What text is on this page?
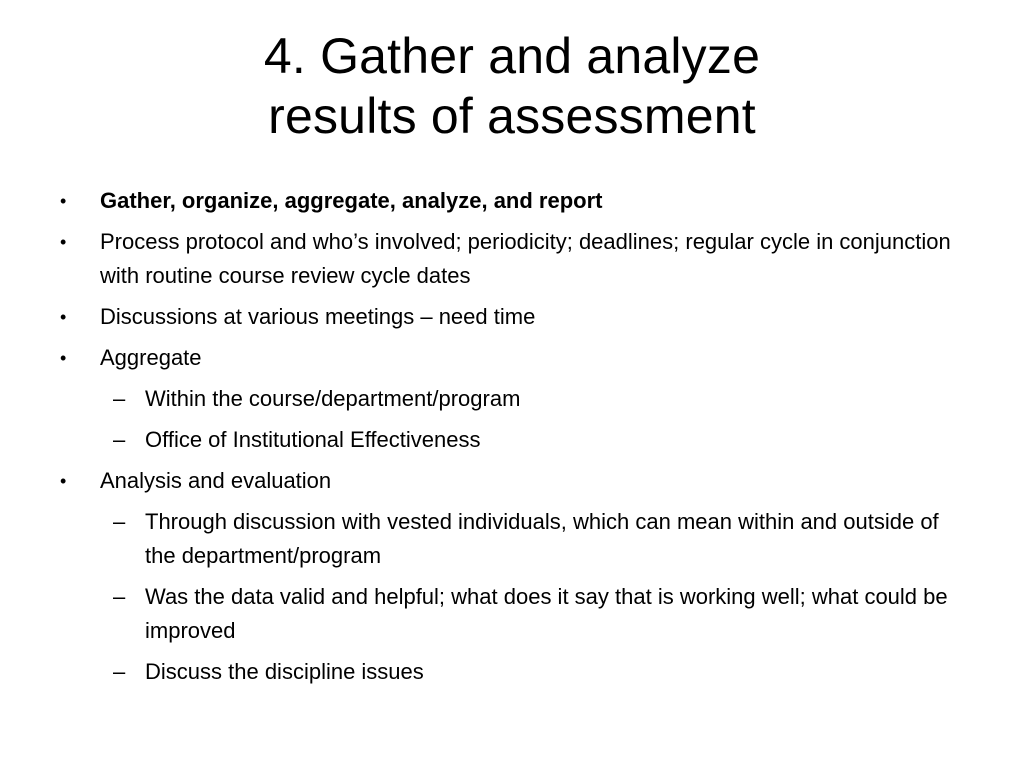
4. Gather and analyze
results of assessment
• Gather, organize, aggregate, analyze, and report
• Process protocol and who’s involved; periodicity; deadlines; regular cycle in conjunction with routine course review cycle dates
• Discussions at various meetings – need time
• Aggregate
– Within the course/department/program
– Office of Institutional Effectiveness
• Analysis and evaluation
– Through discussion with vested individuals, which can mean within and outside of the department/program
– Was the data valid and helpful; what does it say that is working well; what could be improved
– Discuss the discipline issues
